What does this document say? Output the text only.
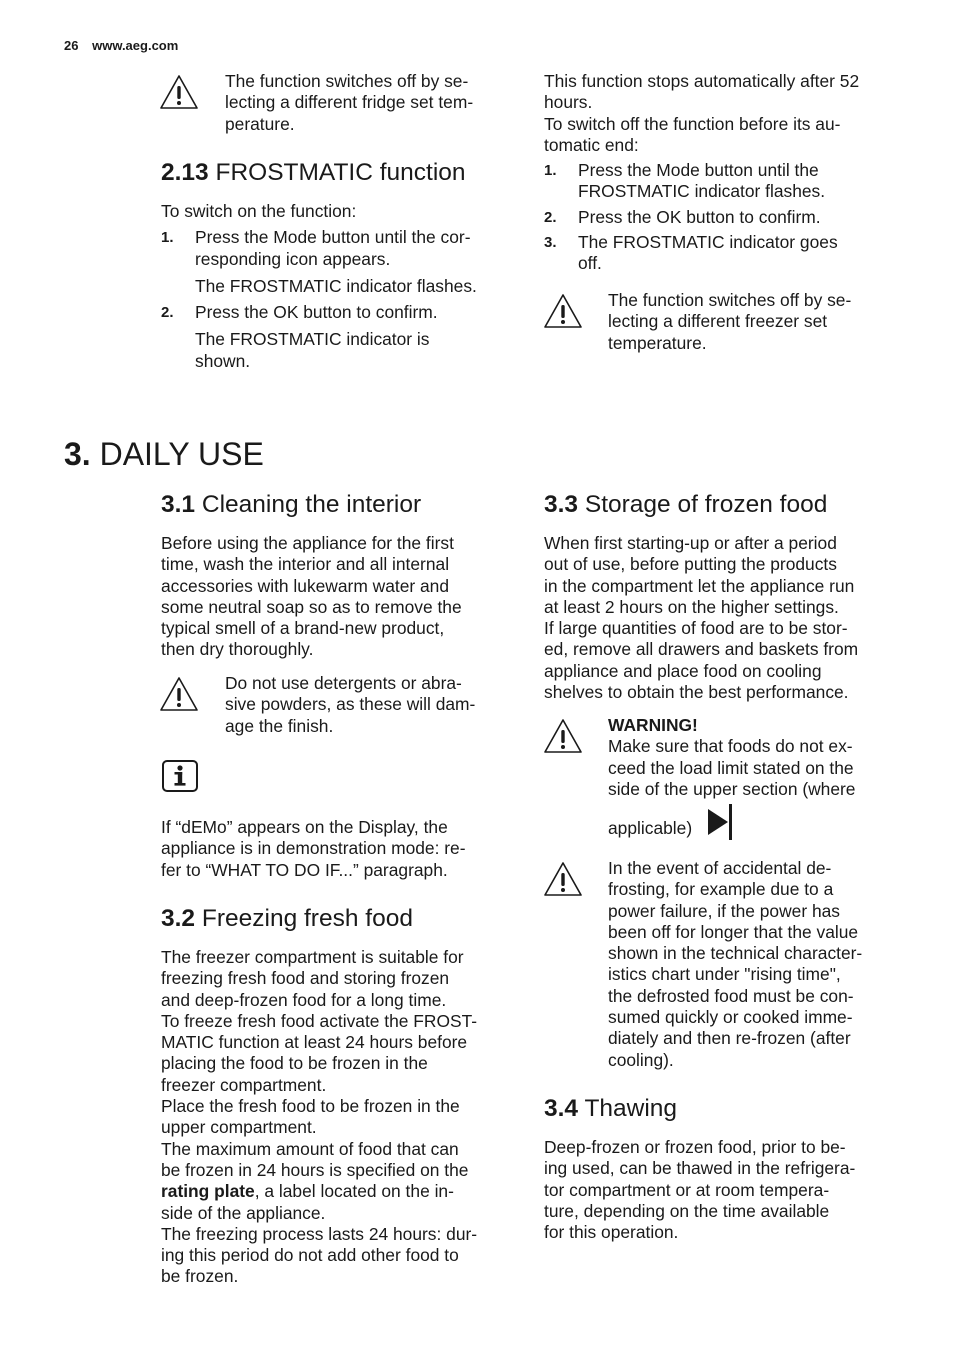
26 www.aeg.com
The function switches off by se-
lecting a different fridge set tem-
perature.
2.13 FROSTMATIC function

To switch on the function:

1.	Press the Mode button until the cor-
responding icon appears.
The FROSTMATIC indicator flashes.
2.	Press the OK button to confirm.
The FROSTMATIC indicator is
shown.
This function stops automatically after 52
hours.
To switch off the function before its au-
tomatic end:
1.	Press the Mode button until the
FROSTMATIC indicator flashes.
2.	Press the OK button to confirm.
3.	The FROSTMATIC indicator goes
off.
The function switches off by se-
lecting a different freezer set
temperature.
3. DAILY USE
3.1 Cleaning the interior
Before using the appliance for the first
time, wash the interior and all internal
accessories with lukewarm water and
some neutral soap so as to remove the
typical smell of a brand-new product,
then dry thoroughly.
Do not use detergents or abra-
sive powders, as these will dam-
age the finish.
If “dEMo” appears on the Display, the
appliance is in demonstration mode: re-
fer to “WHAT TO DO IF...” paragraph.
3.2 Freezing fresh food
The freezer compartment is suitable for
freezing fresh food and storing frozen
and deep-frozen food for a long time.
To freeze fresh food activate the FROST-
MATIC function at least 24 hours before
placing the food to be frozen in the
freezer compartment.
Place the fresh food to be frozen in the
upper compartment.
The maximum amount of food that can
be frozen in 24 hours is specified on the
rating plate, a label located on the in-
side of the appliance.
The freezing process lasts 24 hours: dur-
ing this period do not add other food to
be frozen.
3.3 Storage of frozen food
When first starting-up or after a period
out of use, before putting the products
in the compartment let the appliance run
at least 2 hours on the higher settings.
If large quantities of food are to be stor-
ed, remove all drawers and baskets from
appliance and place food on cooling
shelves to obtain the best performance.
WARNING!
Make sure that foods do not ex-
ceed the load limit stated on the
side of the upper section (where
applicable)
In the event of accidental de-
frosting, for example due to a
power failure, if the power has
been off for longer that the value
shown in the technical character-
istics chart under "rising time",
the defrosted food must be con-
sumed quickly or cooked imme-
diately and then re-frozen (after
cooling).
3.4 Thawing
Deep-frozen or frozen food, prior to be-
ing used, can be thawed in the refrigera-
tor compartment or at room tempera-
ture, depending on the time available
for this operation.
